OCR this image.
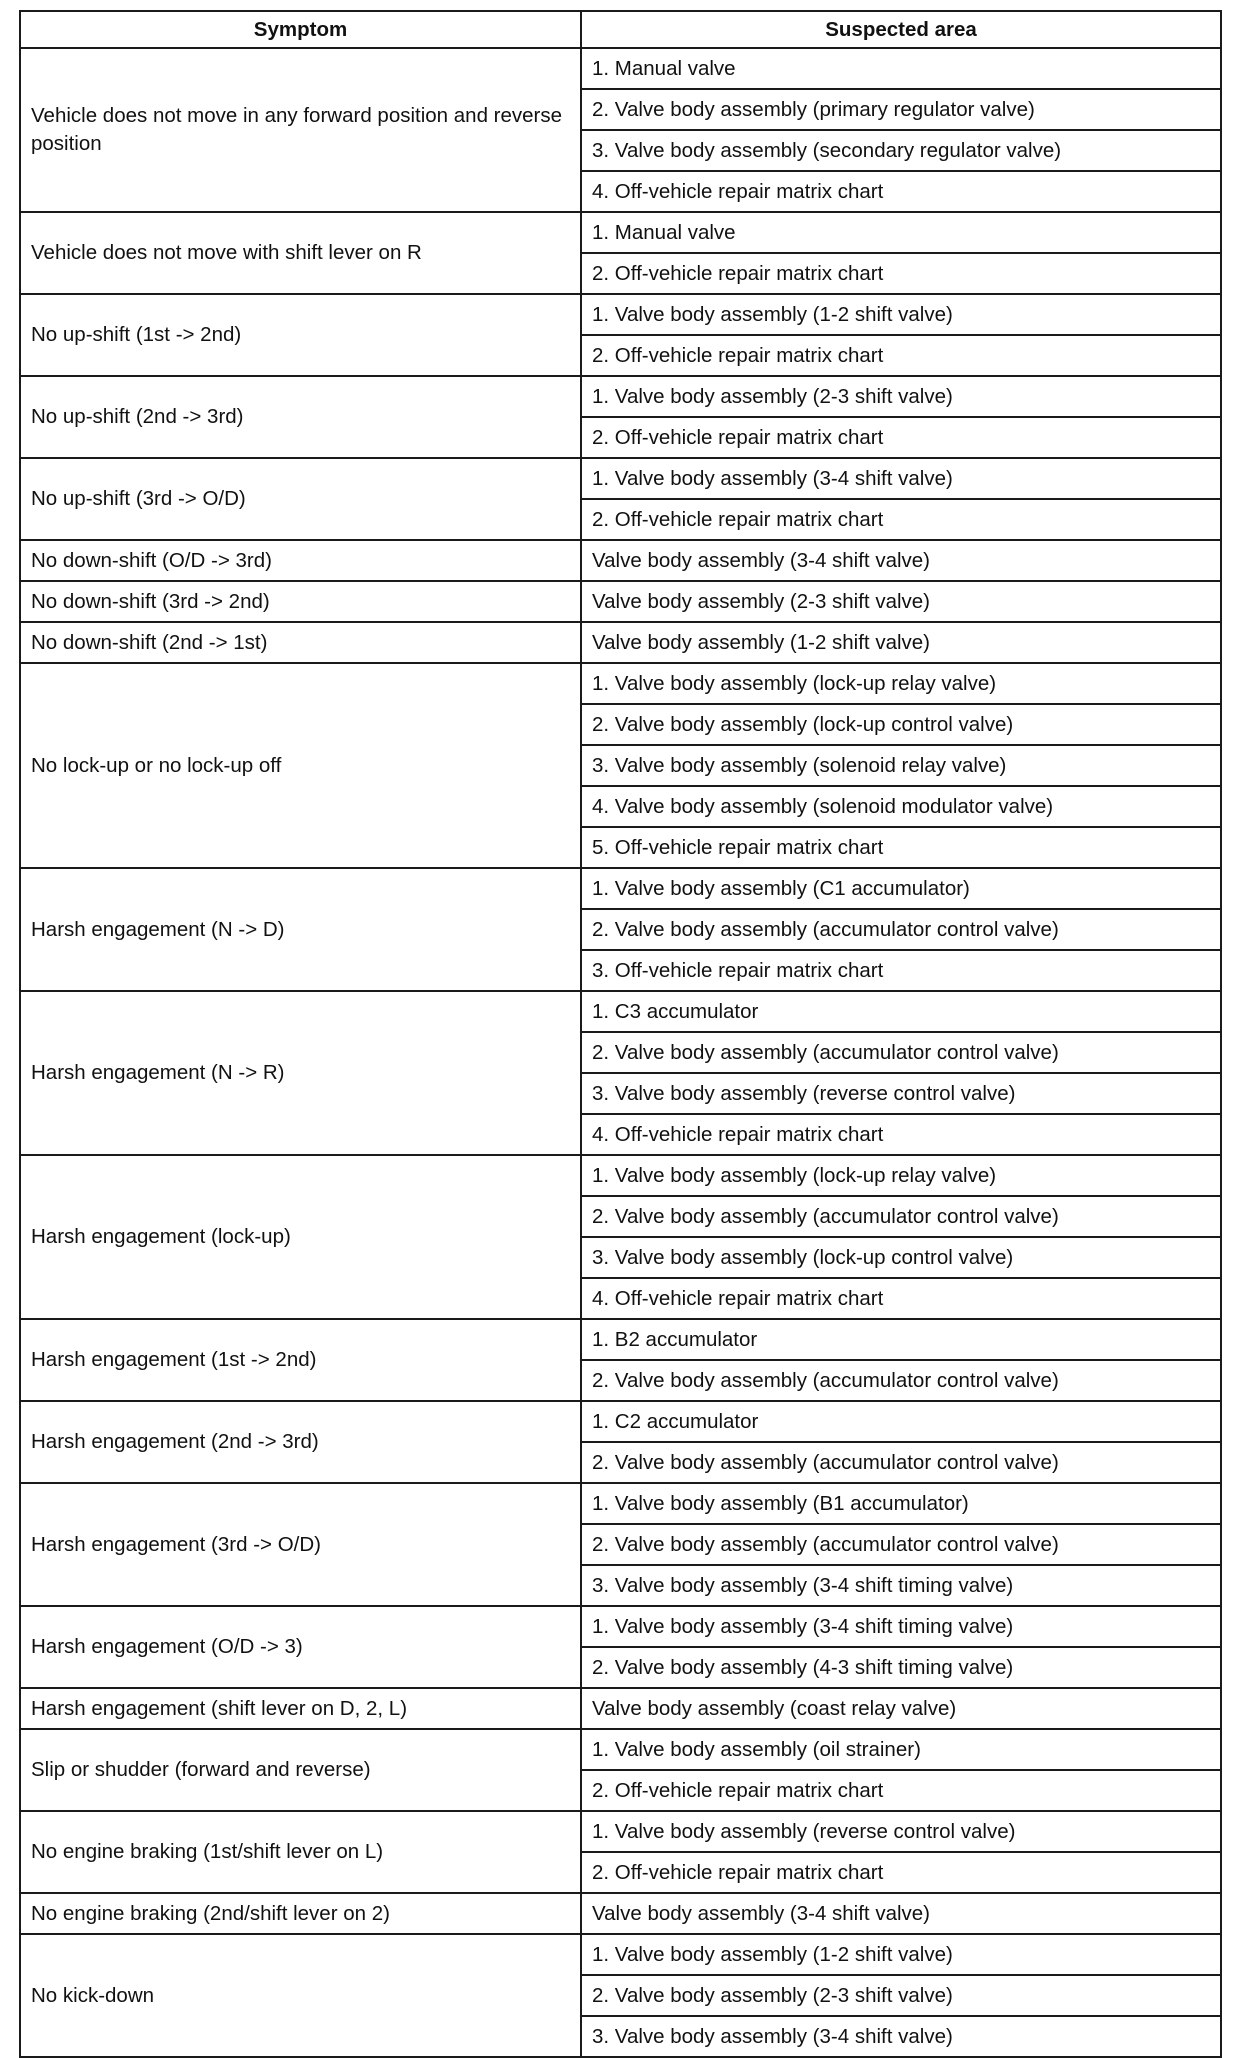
Symptom	Suspected area
Vehicle does not move in any forward position and reverse position	1. Manual valve
	2. Valve body assembly (primary regulator valve)
	3. Valve body assembly (secondary regulator valve)
	4. Off-vehicle repair matrix chart
Vehicle does not move with shift lever on R	1. Manual valve
	2. Off-vehicle repair matrix chart
No up-shift (1st -> 2nd)	1. Valve body assembly (1-2 shift valve)
	2. Off-vehicle repair matrix chart
No up-shift (2nd -> 3rd)	1. Valve body assembly (2-3 shift valve)
	2. Off-vehicle repair matrix chart
No up-shift (3rd -> O/D)	1. Valve body assembly (3-4 shift valve)
	2. Off-vehicle repair matrix chart
No down-shift (O/D -> 3rd)	Valve body assembly (3-4 shift valve)
No down-shift (3rd -> 2nd)	Valve body assembly (2-3 shift valve)
No down-shift (2nd -> 1st)	Valve body assembly (1-2 shift valve)
No lock-up or no lock-up off	1. Valve body assembly (lock-up relay valve)
	2. Valve body assembly (lock-up control valve)
	3. Valve body assembly (solenoid relay valve)
	4. Valve body assembly (solenoid modulator valve)
	5. Off-vehicle repair matrix chart
Harsh engagement (N -> D)	1. Valve body assembly (C1 accumulator)
	2. Valve body assembly (accumulator control valve)
	3. Off-vehicle repair matrix chart
Harsh engagement (N -> R)	1. C3 accumulator
	2. Valve body assembly (accumulator control valve)
	3. Valve body assembly (reverse control valve)
	4. Off-vehicle repair matrix chart
Harsh engagement (lock-up)	1. Valve body assembly (lock-up relay valve)
	2. Valve body assembly (accumulator control valve)
	3. Valve body assembly (lock-up control valve)
	4. Off-vehicle repair matrix chart
Harsh engagement (1st -> 2nd)	1. B2 accumulator
	2. Valve body assembly (accumulator control valve)
Harsh engagement (2nd -> 3rd)	1. C2 accumulator
	2. Valve body assembly (accumulator control valve)
Harsh engagement (3rd -> O/D)	1. Valve body assembly (B1 accumulator)
	2. Valve body assembly (accumulator control valve)
	3. Valve body assembly (3-4 shift timing valve)
Harsh engagement (O/D -> 3)	1. Valve body assembly (3-4 shift timing valve)
	2. Valve body assembly (4-3 shift timing valve)
Harsh engagement (shift lever on D, 2, L)	Valve body assembly (coast relay valve)
Slip or shudder (forward and reverse)	1. Valve body assembly (oil strainer)
	2. Off-vehicle repair matrix chart
No engine braking (1st/shift lever on L)	1. Valve body assembly (reverse control valve)
	2. Off-vehicle repair matrix chart
No engine braking (2nd/shift lever on 2)	Valve body assembly (3-4 shift valve)
No kick-down	1. Valve body assembly (1-2 shift valve)
	2. Valve body assembly (2-3 shift valve)
	3. Valve body assembly (3-4 shift valve)
